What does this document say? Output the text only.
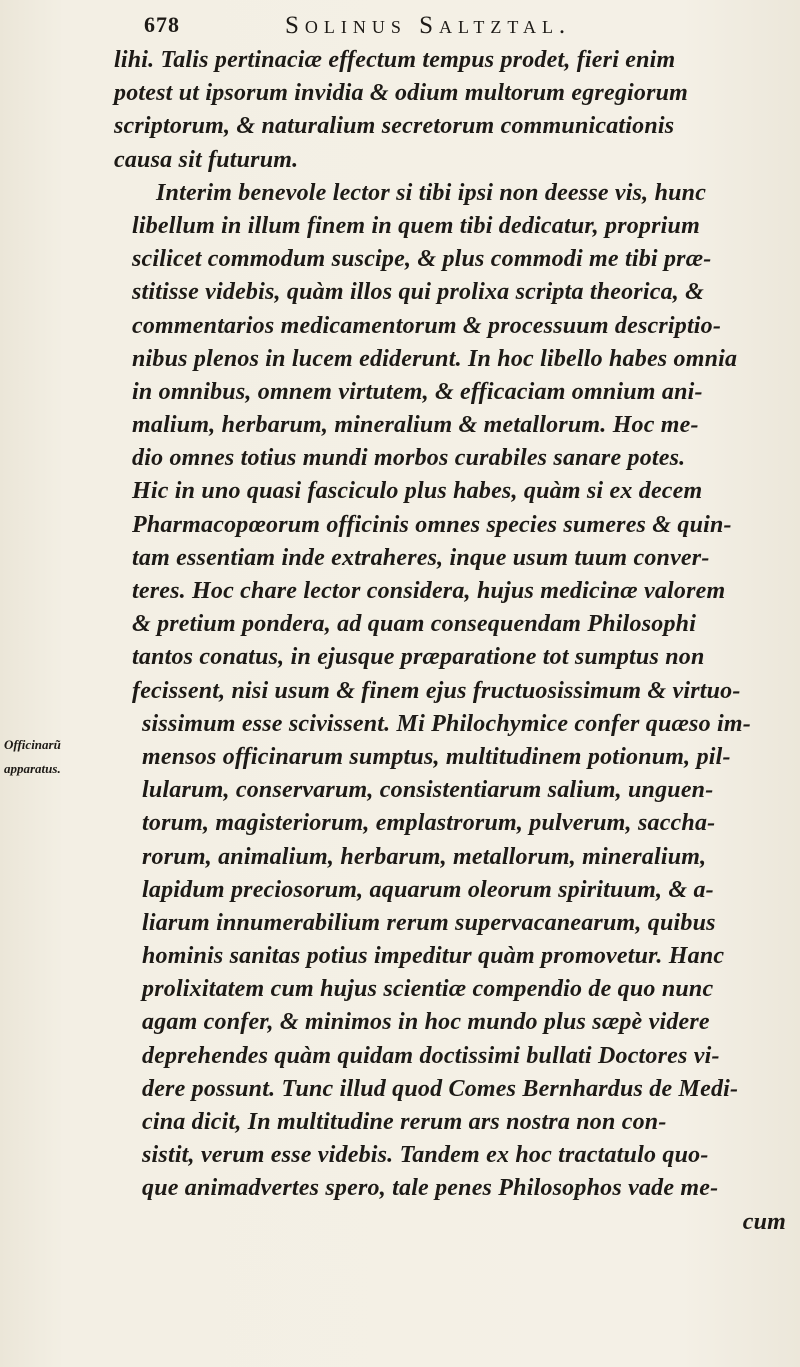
678	Solinus Saltztal.
Officinarũ
apparatus.
lihi. Talis pertinaciæ effectum tempus prodet, fieri enim
potest ut ipsorum invidia & odium multorum egregiorum
scriptorum, & naturalium secretorum communicationis
causa sit futurum.
Interim benevole lector si tibi ipsi non deesse vis, hunc
libellum in illum finem in quem tibi dedicatur, proprium
scilicet commodum suscipe, & plus commodi me tibi præ-
stitisse videbis, quàm illos qui prolixa scripta theorica, &
commentarios medicamentorum & processuum descriptio-
nibus plenos in lucem ediderunt. In hoc libello habes omnia
in omnibus, omnem virtutem, & efficaciam omnium ani-
malium, herbarum, mineralium & metallorum. Hoc me-
dio omnes totius mundi morbos curabiles sanare potes.
Hic in uno quasi fasciculo plus habes, quàm si ex decem
Pharmacopœorum officinis omnes species sumeres & quin-
tam essentiam inde extraheres, inque usum tuum conver-
teres. Hoc chare lector considera, hujus medicinæ valorem
& pretium pondera, ad quam consequendam Philosophi
tantos conatus, in ejusque præparatione tot sumptus non
fecissent, nisi usum & finem ejus fructuosissimum & virtuo-
sissimum esse scivissent. Mi Philochymice confer quæso im-
mensos officinarum sumptus, multitudinem potionum, pil-
lularum, conservarum, consistentiarum salium, unguen-
torum, magisteriorum, emplastrorum, pulverum, saccha-
rorum, animalium, herbarum, metallorum, mineralium,
lapidum preciosorum, aquarum oleorum spirituum, & a-
liarum innumerabilium rerum supervacanearum, quibus
hominis sanitas potius impeditur quàm promovetur. Hanc
prolixitatem cum hujus scientiæ compendio de quo nunc
agam confer, & minimos in hoc mundo plus sæpè videre
deprehendes quàm quidam doctissimi bullati Doctores vi-
dere possunt. Tunc illud quod Comes Bernhardus de Medi-
cina dicit, In multitudine rerum ars nostra non con-
sistit, verum esse videbis. Tandem ex hoc tractatulo quo-
que animadvertes spero, tale penes Philosophos vade me-
cum
